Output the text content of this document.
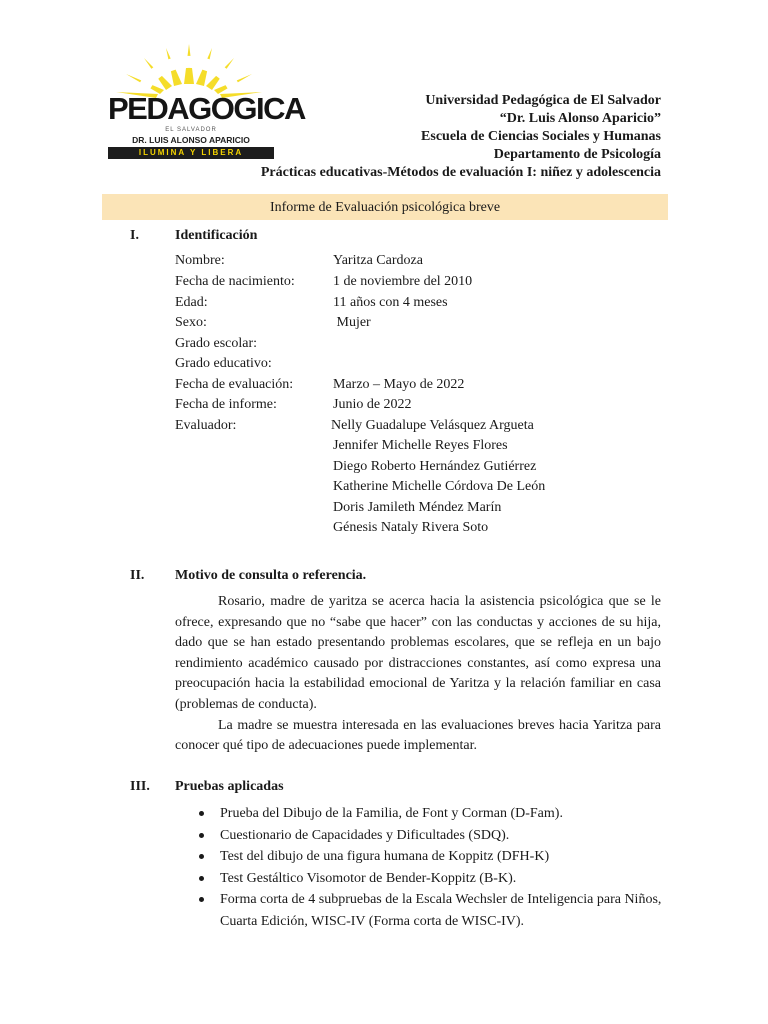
PEDAGOGICA
EL SALVADOR
DR. LUIS ALONSO APARICIO
ILUMINA Y LIBERA
Universidad Pedagógica de El Salvador
“Dr. Luis Alonso Aparicio”
Escuela de Ciencias Sociales y Humanas
Departamento de Psicología
Prácticas educativas-Métodos de evaluación I: niñez y adolescencia
Informe de Evaluación psicológica breve
I.	Identificación
Nombre:	Yaritza Cardoza
Fecha de nacimiento:	1 de noviembre del 2010
Edad:	11 años con 4 meses
Sexo:	Mujer
Grado escolar:
Grado educativo:
Fecha de evaluación:	Marzo – Mayo de 2022
Fecha de informe:	Junio de 2022
Evaluador:	Nelly Guadalupe Velásquez Argueta
Jennifer Michelle Reyes Flores
Diego Roberto Hernández Gutiérrez
Katherine Michelle Córdova De León
Doris Jamileth Méndez Marín
Génesis Nataly Rivera Soto
II. Motivo de consulta o referencia.
Rosario, madre de yaritza se acerca hacia la asistencia psicológica que se le ofrece, expresando que no “sabe que hacer” con las conductas y acciones de su hija, dado que se han estado presentando problemas escolares, que se refleja en un bajo rendimiento académico causado por distracciones constantes, así como expresa una preocupación hacia la estabilidad emocional de Yaritza y la relación familiar en casa (problemas de conducta).
La madre se muestra interesada en las evaluaciones breves hacia Yaritza para conocer qué tipo de adecuaciones puede implementar.
III. Pruebas aplicadas
Prueba del Dibujo de la Familia, de Font y Corman (D-Fam).
Cuestionario de Capacidades y Dificultades (SDQ).
Test del dibujo de una figura humana de Koppitz (DFH-K)
Test Gestáltico Visomotor de Bender-Koppitz (B-K).
Forma corta de 4 subpruebas de la Escala Wechsler de Inteligencia para Niños, Cuarta Edición, WISC-IV (Forma corta de WISC-IV).
